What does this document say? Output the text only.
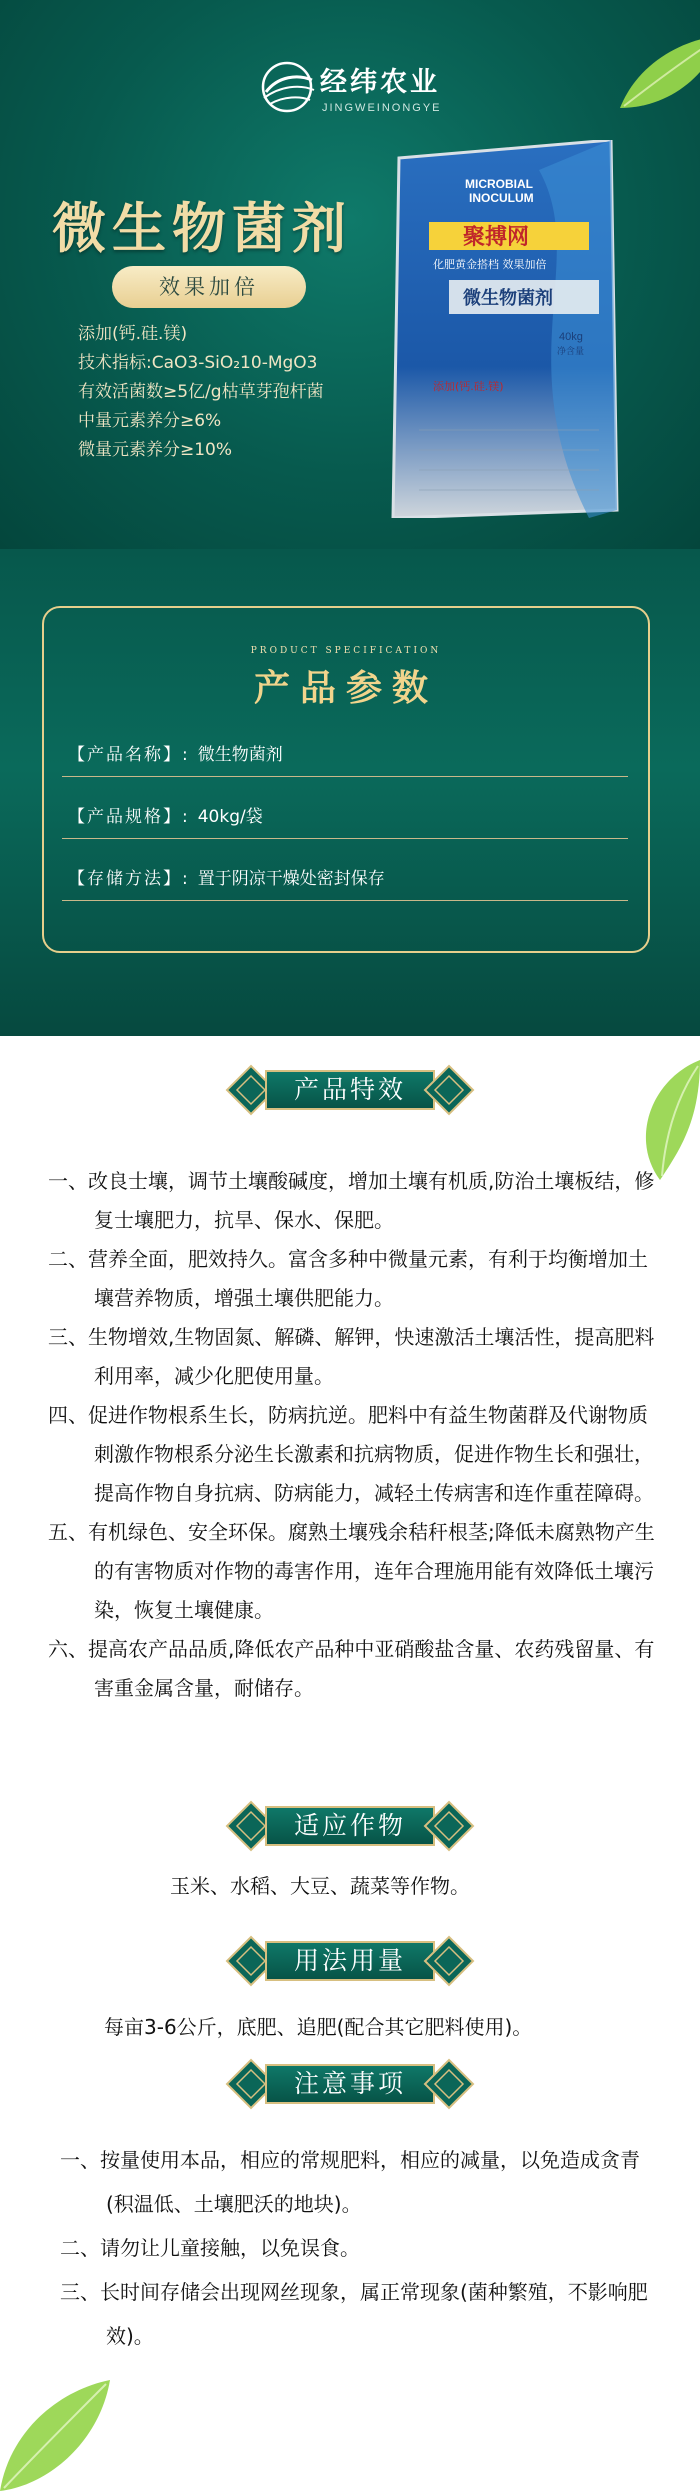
经纬农业
JINGWEINONGYE
微生物菌剂
效果加倍
添加(钙.硅.镁)
技术指标:CaO3-SiO₂10-MgO3
有效活菌数≥5亿/g枯草芽孢杆菌
中量元素养分≥6%
微量元素养分≥10%
MICROBIAL
INOCULUM
聚搏网
化肥黄金搭档 效果加倍
微生物菌剂
40kg
净含量
添加(钙.硅.镁)
PRODUCT SPECIFICATION
产品参数
【产品名称】: 微生物菌剂
【产品规格】: 40kg/袋
【存储方法】: 置于阴凉干燥处密封保存
产品特效
一、改良士壤，调节土壤酸碱度，增加土壤有机质,防治土壤板结，修复士壤肥力，抗旱、保水、保肥。
二、营养全面，肥效持久。富含多种中微量元素，有利于均衡增加土壤营养物质，增强土壤供肥能力。
三、生物增效,生物固氮、解磷、解钾，快速激活土壤活性，提高肥料利用率，减少化肥使用量。
四、促进作物根系生长，防病抗逆。肥料中有益生物菌群及代谢物质刺激作物根系分泌生长激素和抗病物质，促进作物生长和强壮，提高作物自身抗病、防病能力，减轻土传病害和连作重茬障碍。
五、有机绿色、安全环保。腐熟土壤残余秸秆根茎;降低未腐熟物产生的有害物质对作物的毒害作用，连年合理施用能有效降低土壤污染，恢复土壤健康。
六、提高农产品品质,降低农产品种中亚硝酸盐含量、农药残留量、有害重金属含量，耐储存。
适应作物
玉米、水稻、大豆、蔬菜等作物。
用法用量
每亩3-6公斤，底肥、追肥(配合其它肥料使用)。
注意事项
一、按量使用本品，相应的常规肥料，相应的减量，以免造成贪青(积温低、土壤肥沃的地块)。
二、请勿让儿童接触，以免误食。
三、长时间存储会出现网丝现象，属正常现象(菌种繁殖，不影响肥效)。
